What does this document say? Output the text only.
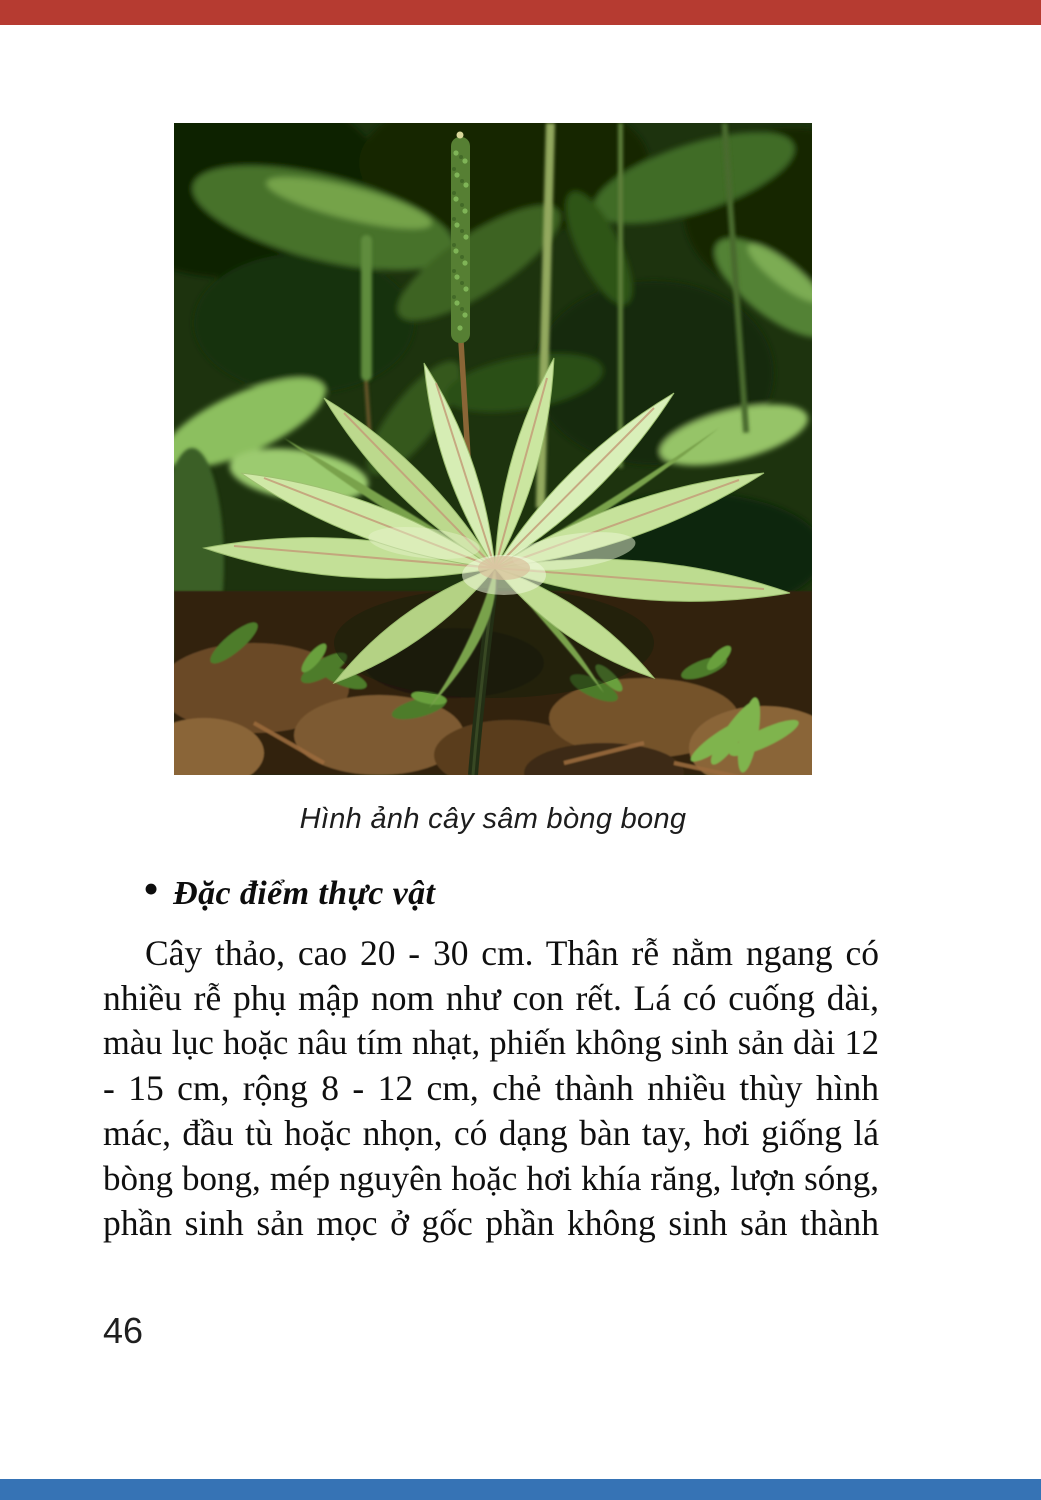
Hình ảnh cây sâm bòng bong
• Đặc điểm thực vật
Cây thảo, cao 20 - 30 cm. Thân rễ nằm ngang có
nhiều rễ phụ mập nom như con rết. Lá có cuống dài,
màu lục hoặc nâu tím nhạt, phiến không sinh sản dài 12
- 15 cm, rộng 8 - 12 cm, chẻ thành nhiều thùy hình
mác, đầu tù hoặc nhọn, có dạng bàn tay, hơi giống lá
bòng bong, mép nguyên hoặc hơi khía răng, lượn sóng,
phần sinh sản mọc ở gốc phần không sinh sản thành
46
